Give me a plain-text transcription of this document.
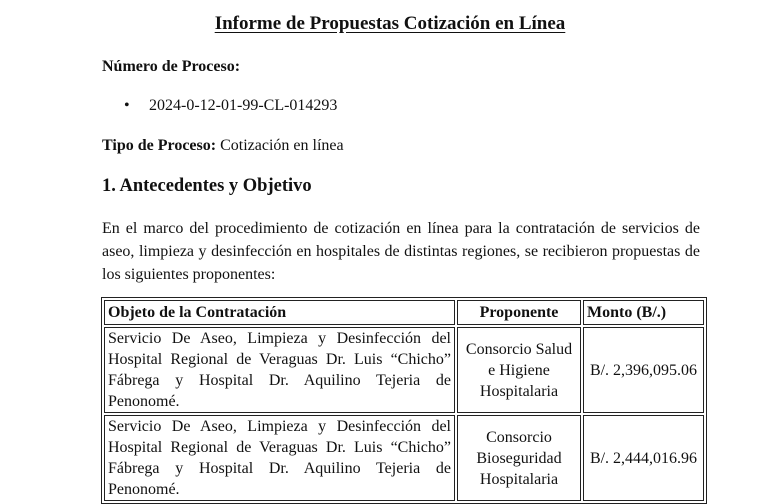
Informe de Propuestas Cotización en Línea
Número de Proceso:
• 2024-0-12-01-99-CL-014293
Tipo de Proceso: Cotización en línea
1. Antecedentes y Objetivo
En el marco del procedimiento de cotización en línea para la contratación de servicios de aseo, limpieza y desinfección en hospitales de distintas regiones, se recibieron propuestas de los siguientes proponentes:
Objeto de la Contratación	Proponente	Monto (B/.)
Servicio De Aseo, Limpieza y Desinfección del Hospital Regional de Veraguas Dr. Luis “Chicho” Fábrega y Hospital Dr. Aquilino Tejeria de Penonomé.	Consorcio Salud e Higiene Hospitalaria	B/. 2,396,095.06
Servicio De Aseo, Limpieza y Desinfección del Hospital Regional de Veraguas Dr. Luis “Chicho” Fábrega y Hospital Dr. Aquilino Tejeria de Penonomé.	Consorcio Bioseguridad Hospitalaria	B/. 2,444,016.96
